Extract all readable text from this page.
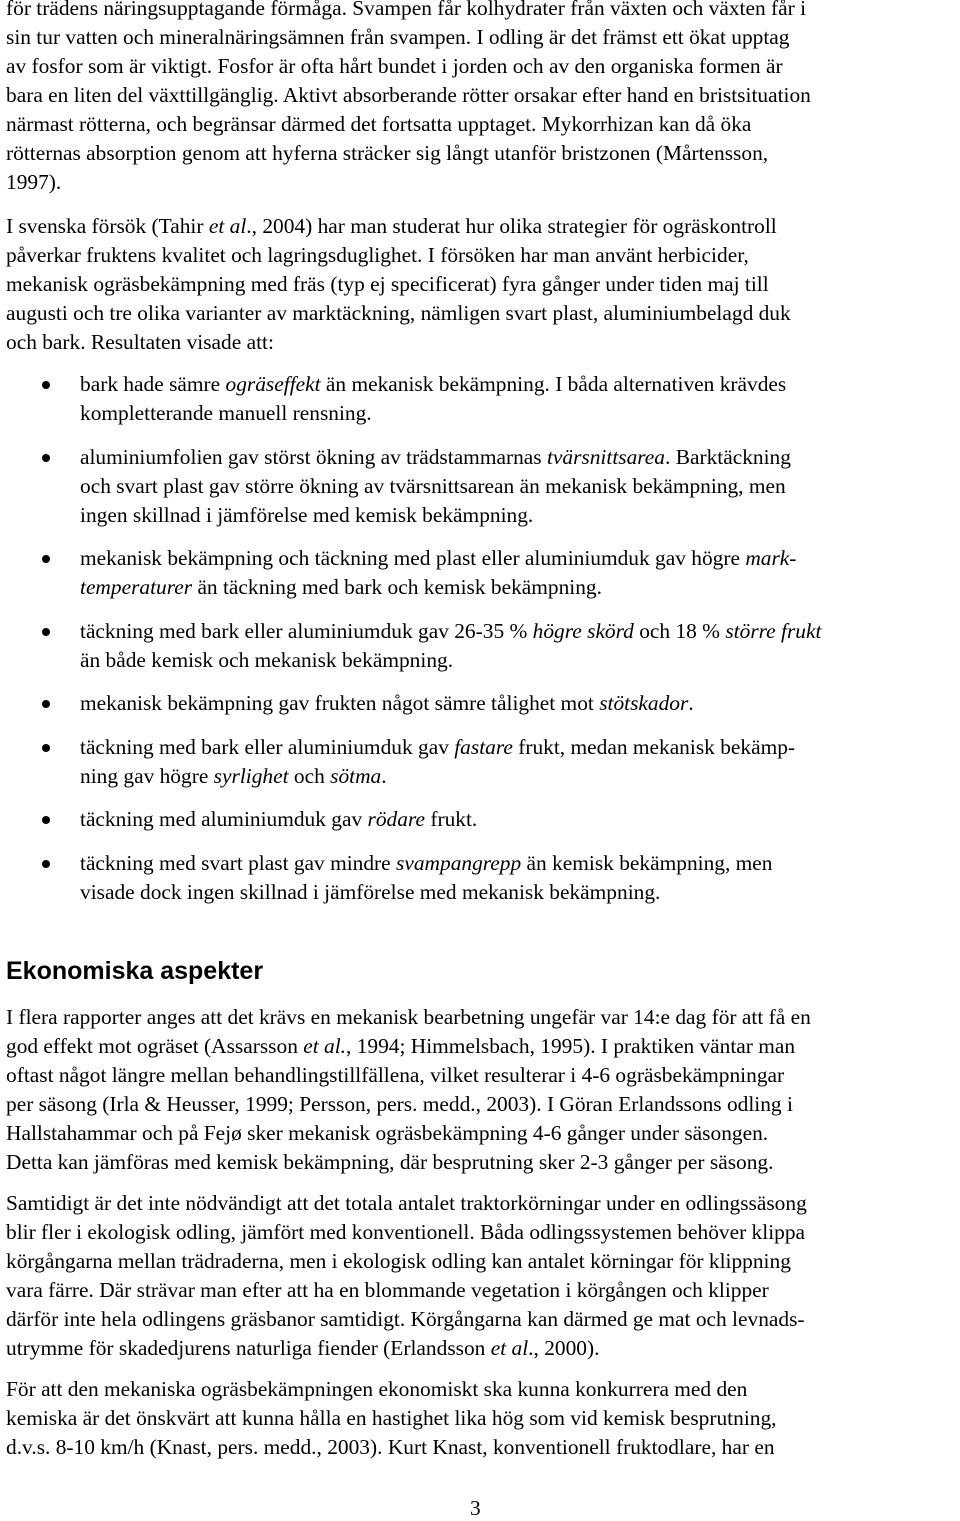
för trädens näringsupptagande förmåga. Svampen får kolhydrater från växten och växten får i
sin tur vatten och mineralnäringsämnen från svampen. I odling är det främst ett ökat upptag
av fosfor som är viktigt. Fosfor är ofta hårt bundet i jorden och av den organiska formen är
bara en liten del växttillgänglig. Aktivt absorberande rötter orsakar efter hand en bristsituation
närmast rötterna, och begränsar därmed det fortsatta upptaget. Mykorrhizan kan då öka
rötternas absorption genom att hyferna sträcker sig långt utanför bristzonen (Mårtensson,
1997).

I svenska försök (Tahir et al., 2004) har man studerat hur olika strategier för ogräskontroll
påverkar fruktens kvalitet och lagringsduglighet. I försöken har man använt herbicider,
mekanisk ogräsbekämpning med fräs (typ ej specificerat) fyra gånger under tiden maj till
augusti och tre olika varianter av marktäckning, nämligen svart plast, aluminiumbelagd duk
och bark. Resultaten visade att:

bark hade sämre ogräseffekt än mekanisk bekämpning. I båda alternativen krävdes
kompletterande manuell rensning.
aluminiumfolien gav störst ökning av trädstammarnas tvärsnittsarea. Barktäckning
och svart plast gav större ökning av tvärsnittsarean än mekanisk bekämpning, men
ingen skillnad i jämförelse med kemisk bekämpning.
mekanisk bekämpning och täckning med plast eller aluminiumduk gav högre mark-
temperaturer än täckning med bark och kemisk bekämpning.
täckning med bark eller aluminiumduk gav 26-35 % högre skörd och 18 % större frukt
än både kemisk och mekanisk bekämpning.
mekanisk bekämpning gav frukten något sämre tålighet mot stötskador.
täckning med bark eller aluminiumduk gav fastare frukt, medan mekanisk bekämp-
ning gav högre syrlighet och sötma.
täckning med aluminiumduk gav rödare frukt.
täckning med svart plast gav mindre svampangrepp än kemisk bekämpning, men
visade dock ingen skillnad i jämförelse med mekanisk bekämpning.
Ekonomiska aspekter

I flera rapporter anges att det krävs en mekanisk bearbetning ungefär var 14:e dag för att få en
god effekt mot ogräset (Assarsson et al., 1994; Himmelsbach, 1995). I praktiken väntar man
oftast något längre mellan behandlingstillfällena, vilket resulterar i 4-6 ogräsbekämpningar
per säsong (Irla & Heusser, 1999; Persson, pers. medd., 2003). I Göran Erlandssons odling i
Hallstahammar och på Fejø sker mekanisk ogräsbekämpning 4-6 gånger under säsongen.
Detta kan jämföras med kemisk bekämpning, där besprutning sker 2-3 gånger per säsong.

Samtidigt är det inte nödvändigt att det totala antalet traktorkörningar under en odlingssäsong
blir fler i ekologisk odling, jämfört med konventionell. Båda odlingssystemen behöver klippa
körgångarna mellan trädraderna, men i ekologisk odling kan antalet körningar för klippning
vara färre. Där strävar man efter att ha en blommande vegetation i körgången och klipper
därför inte hela odlingens gräsbanor samtidigt. Körgångarna kan därmed ge mat och levnads-
utrymme för skadedjurens naturliga fiender (Erlandsson et al., 2000).

För att den mekaniska ogräsbekämpningen ekonomiskt ska kunna konkurrera med den
kemiska är det önskvärt att kunna hålla en hastighet lika hög som vid kemisk besprutning,
d.v.s. 8-10 km/h (Knast, pers. medd., 2003). Kurt Knast, konventionell fruktodlare, har en

3
